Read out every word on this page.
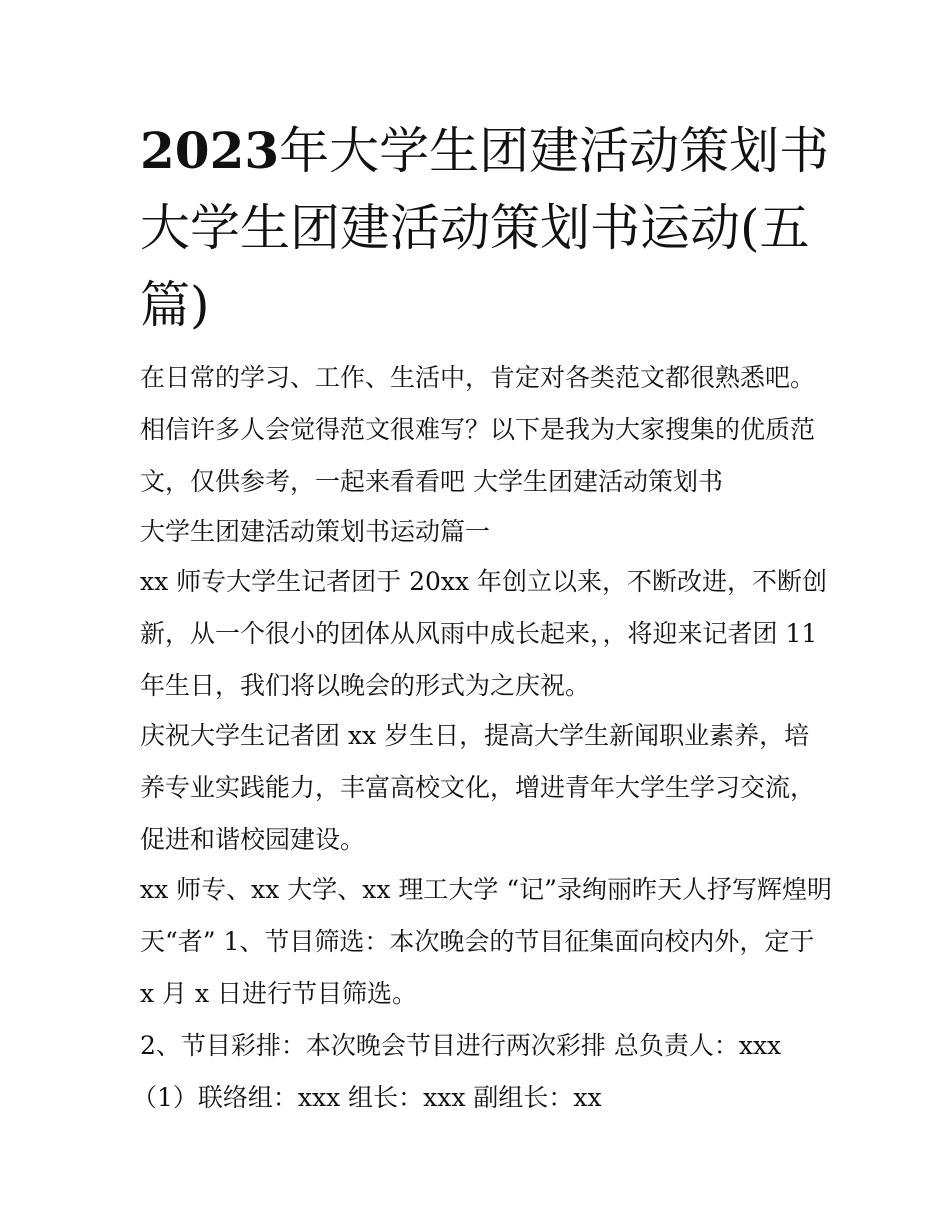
2023年大学生团建活动策划书
大学生团建活动策划书运动(五
篇)
在日常的学习、工作、生活中，肯定对各类范文都很熟悉吧。
相信许多人会觉得范文很难写？以下是我为大家搜集的优质范
文，仅供参考，一起来看看吧 大学生团建活动策划书
大学生团建活动策划书运动篇一
xx 师专大学生记者团于 20xx 年创立以来，不断改进，不断创
新，从一个很小的团体从风雨中成长起来，，将迎来记者团 11
年生日，我们将以晚会的形式为之庆祝。
庆祝大学生记者团 xx 岁生日，提高大学生新闻职业素养，培
养专业实践能力，丰富高校文化，增进青年大学生学习交流，
促进和谐校园建设。
xx 师专、xx 大学、xx 理工大学 “记”录绚丽昨天人抒写辉煌明
天“者” 1、节目筛选：本次晚会的节目征集面向校内外，定于
x 月 x 日进行节目筛选。
2、节目彩排：本次晚会节目进行两次彩排 总负责人：xxx
（1）联络组：xxx 组长：xxx 副组长：xx
